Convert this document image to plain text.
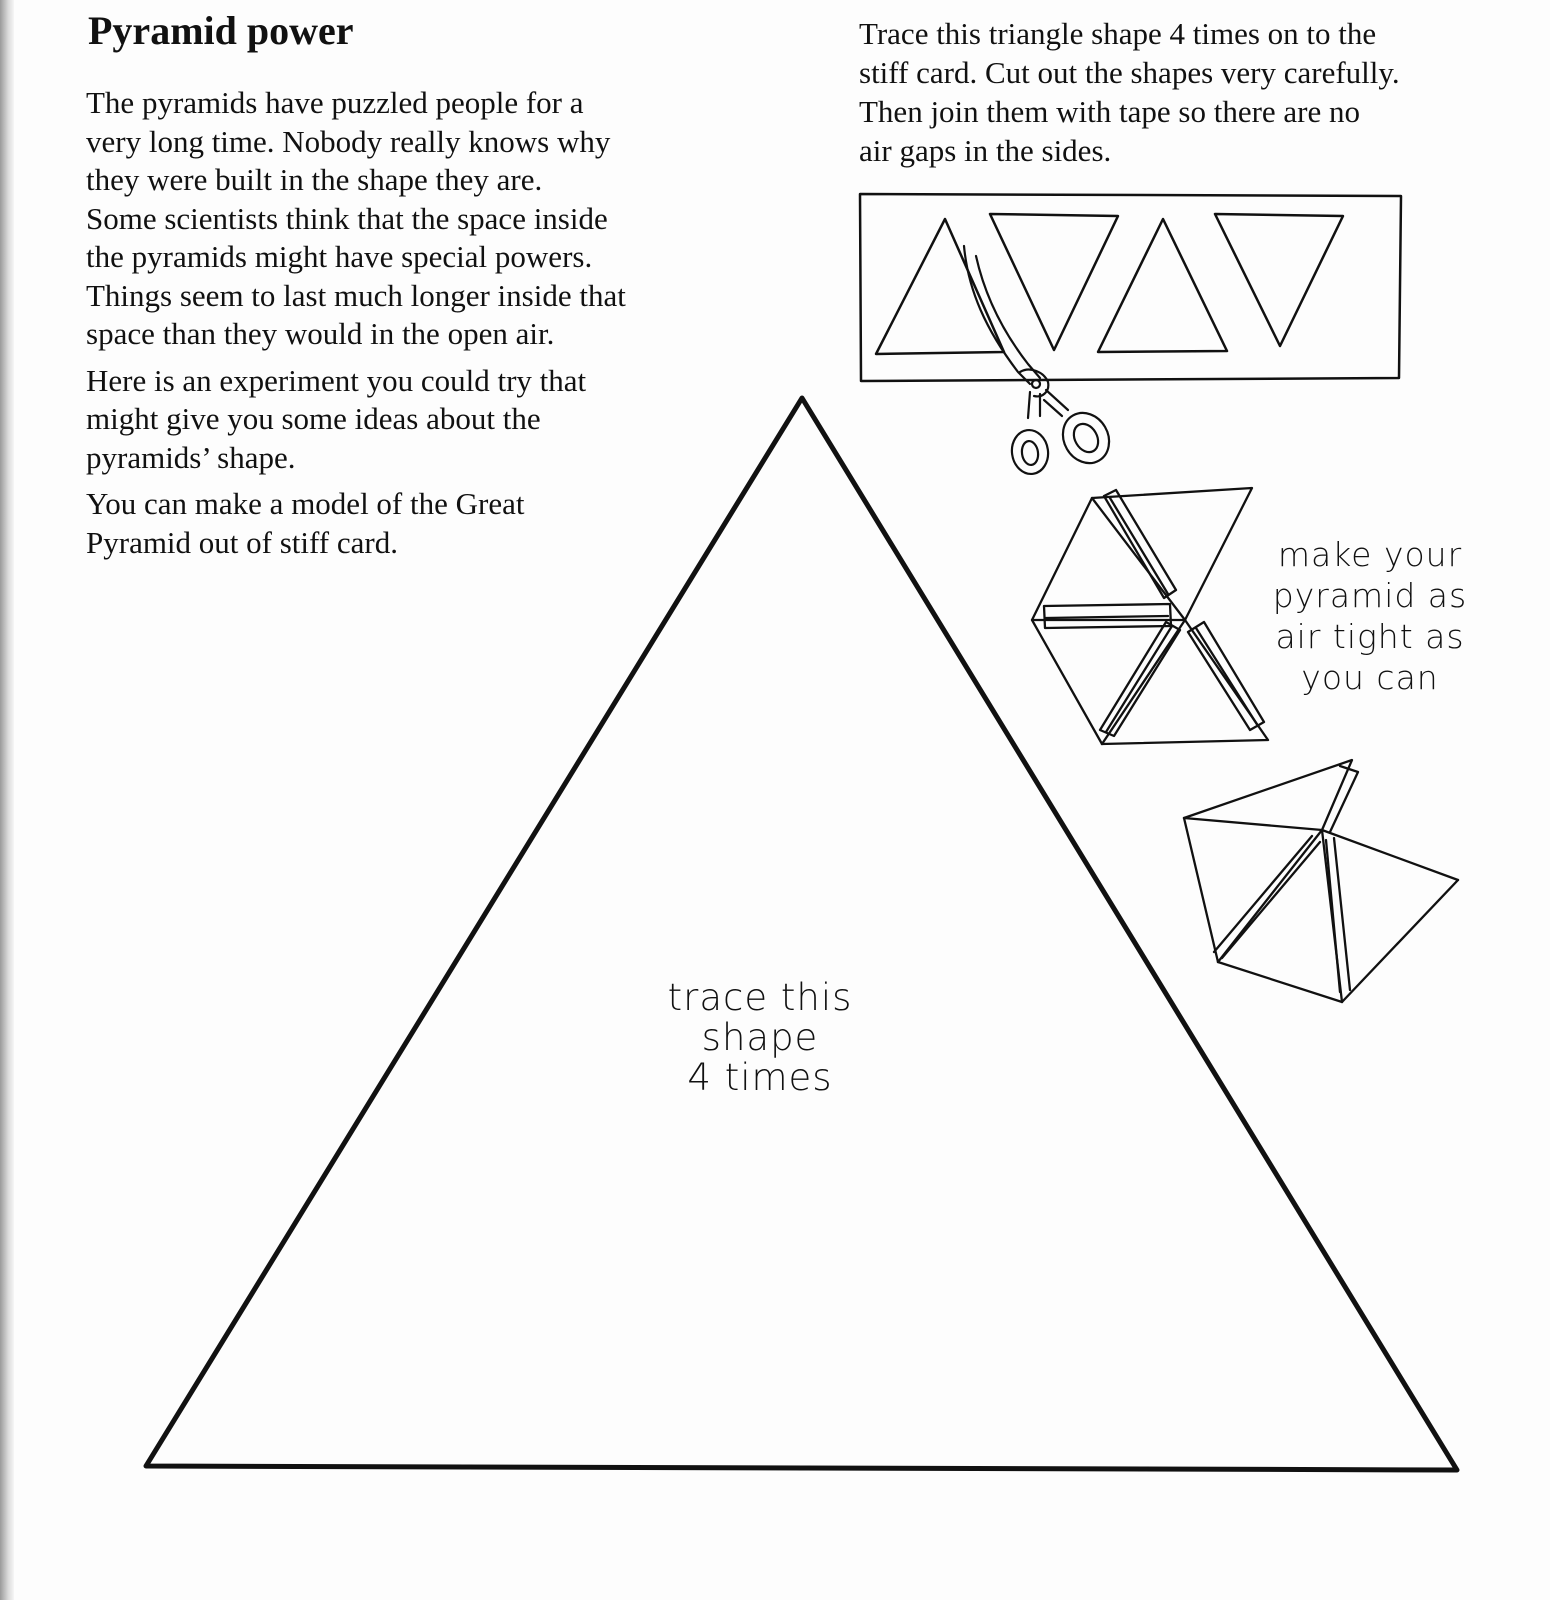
Pyramid power

The pyramids have puzzled people for a
very long time. Nobody really knows why
they were built in the shape they are.
Some scientists think that the space inside
the pyramids might have special powers.
Things seem to last much longer inside that
space than they would in the open air.

Here is an experiment you could try that
might give you some ideas about the
pyramids’ shape.

You can make a model of the Great
Pyramid out of stiff card.

Trace this triangle shape 4 times on to the
stiff card. Cut out the shapes very carefully.
Then join them with tape so there are no
air gaps in the sides.

make your
pyramid as
air tight as
you can
trace this
shape
4 times
